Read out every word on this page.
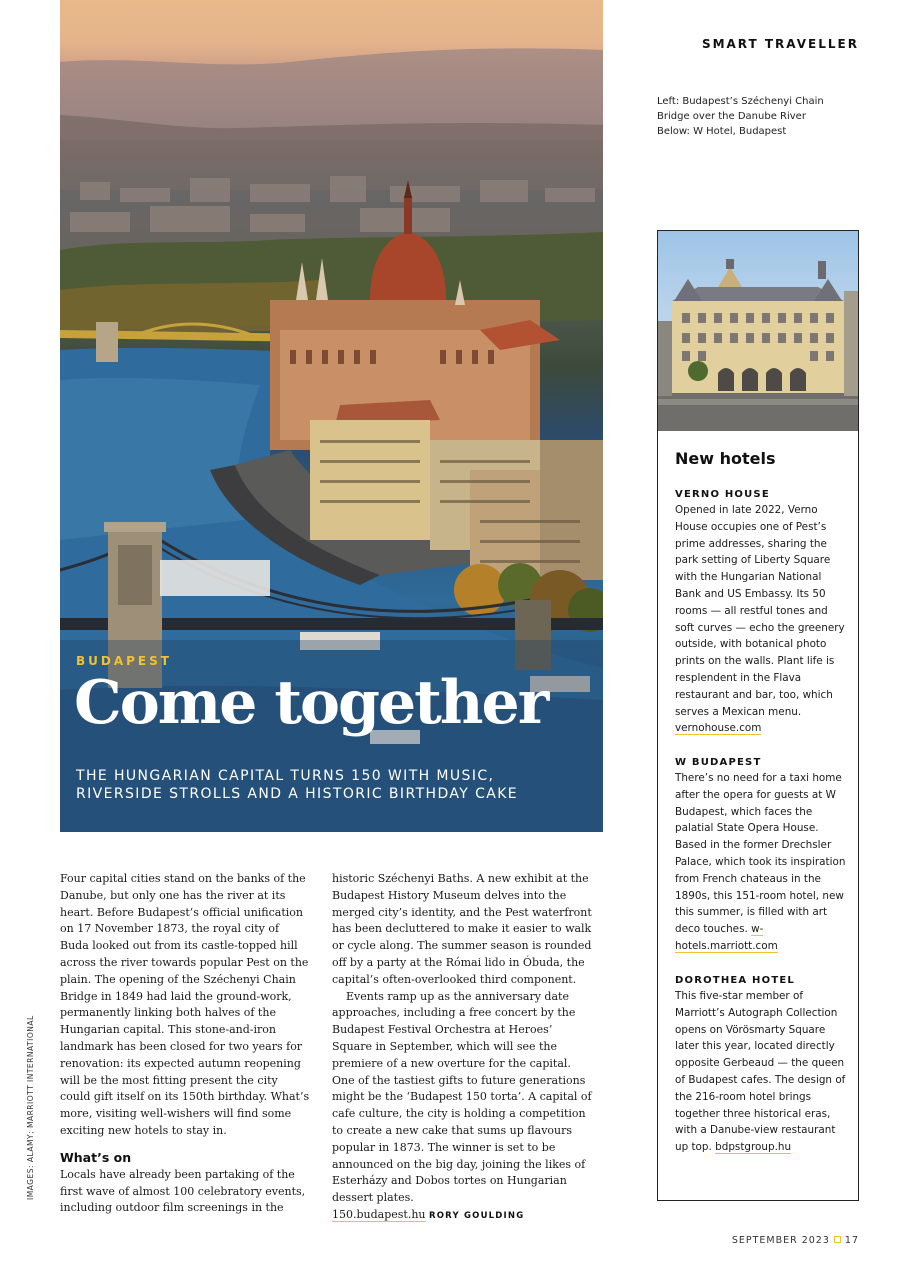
SMART TRAVELLER
BUDAPEST
Come together
THE HUNGARIAN CAPITAL TURNS 150 WITH MUSIC, RIVERSIDE STROLLS AND A HISTORIC BIRTHDAY CAKE
Left: Budapest’s Széchenyi Chain Bridge over the Danube River
Below: W Hotel, Budapest
New hotels
VERNO HOUSE
Opened in late 2022, Verno House occupies one of Pest’s prime addresses, sharing the park setting of Liberty Square with the Hungarian National Bank and US Embassy. Its 50 rooms — all restful tones and soft curves — echo the greenery outside, with botanical photo prints on the walls. Plant life is resplendent in the Flava restaurant and bar, too, which serves a Mexican menu. vernohouse.com
W BUDAPEST
There’s no need for a taxi home after the opera for guests at W Budapest, which faces the palatial State Opera House. Based in the former Drechsler Palace, which took its inspiration from French chateaus in the 1890s, this 151-room hotel, new this summer, is filled with art deco touches. w-hotels.marriott.com
DOROTHEA HOTEL
This five-star member of Marriott’s Autograph Collection opens on Vörösmarty Square later this year, located directly opposite Gerbeaud — the queen of Budapest cafes. The design of the 216-room hotel brings together three historical eras, with a Danube-view restaurant up top. bdpstgroup.hu

Four capital cities stand on the banks of the Danube, but only one has the river at its heart. Before Budapest’s official unification on 17 November 1873, the royal city of Buda looked out from its castle-topped hill across the river towards popular Pest on the plain. The opening of the Széchenyi Chain Bridge in 1849 had laid the ground-work, permanently linking both halves of the Hungarian capital. This stone-and-iron landmark has been closed for two years for renovation: its expected autumn reopening will be the most fitting present the city could gift itself on its 150th birthday. What’s more, visiting well-wishers will find some exciting new hotels to stay in.

What’s on

Locals have already been partaking of the first wave of almost 100 celebratory events, including outdoor film screenings in the

historic Széchenyi Baths. A new exhibit at the Budapest History Museum delves into the merged city’s identity, and the Pest waterfront has been decluttered to make it easier to walk or cycle along. The summer season is rounded off by a party at the Római lido in Óbuda, the capital’s often-overlooked third component.

Events ramp up as the anniversary date approaches, including a free concert by the Budapest Festival Orchestra at Heroes’ Square in September, which will see the premiere of a new overture for the capital. One of the tastiest gifts to future generations might be the ‘Budapest 150 torta’. A capital of cafe culture, the city is holding a competition to create a new cake that sums up flavours popular in 1873. The winner is set to be announced on the big day, joining the likes of Esterházy and Dobos tortes on Hungarian dessert plates.

150.budapest.hu RORY GOULDING

IMAGES: ALAMY; MARRIOTT INTERNATIONAL
SEPTEMBER 2023 17
